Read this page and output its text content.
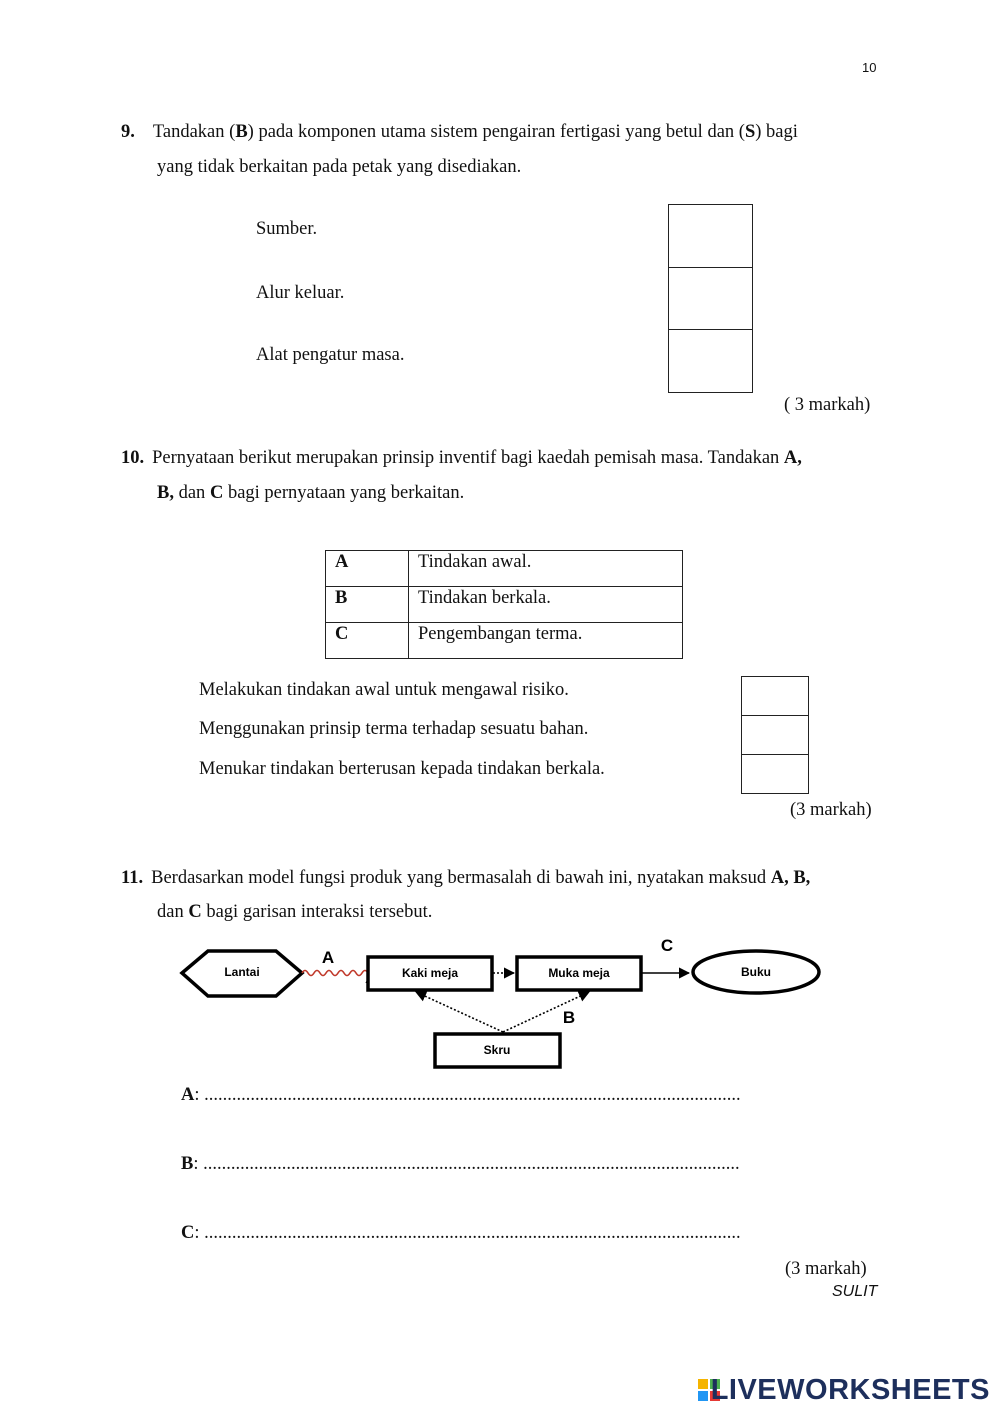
10
9. Tandakan (B) pada komponen utama sistem pengairan fertigasi yang betul dan (S) bagi
yang tidak berkaitan pada petak yang disediakan.
Sumber.
Alur keluar.
Alat pengatur masa.
( 3 markah)
10. Pernyataan berikut merupakan prinsip inventif bagi kaedah pemisah masa. Tandakan A,
B, dan C bagi pernyataan yang berkaitan.
A	Tindakan awal.
B	Tindakan berkala.
C	Pengembangan terma.
Melakukan tindakan awal untuk mengawal risiko.
Menggunakan prinsip terma terhadap sesuatu bahan.
Menukar tindakan berterusan kepada tindakan berkala.
(3 markah)
11. Berdasarkan model fungsi produk yang bermasalah di bawah ini, nyatakan maksud A, B,
dan C bagi garisan interaksi tersebut.
Lantai
A
Kaki meja	Muka meja
C
Buku
Skru
B
A: ....................................................................................................................
B: ....................................................................................................................
C: ....................................................................................................................
(3 markah)
SULIT
LIVEWORKSHEETS
